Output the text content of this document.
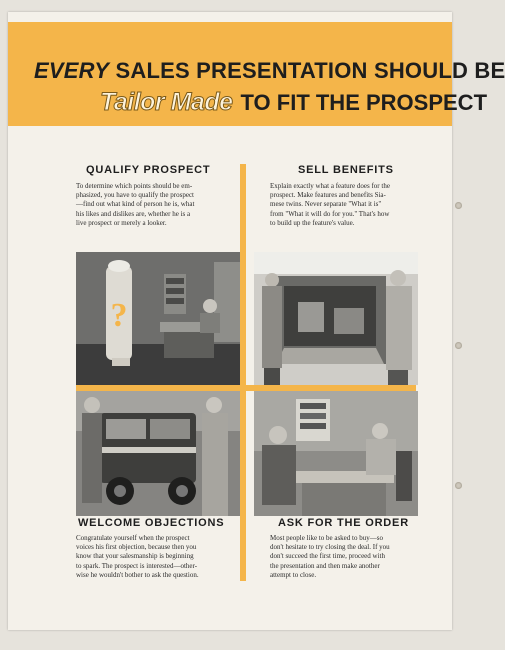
EVERY SALES PRESENTATION SHOULD BE
Tailor Made TO FIT THE PROSPECT
QUALIFY PROSPECT
To determine which points should be em-
phasized, you have to qualify the prospect
—find out what kind of person he is, what
his likes and dislikes are, whether he is a
live prospect or merely a looker.
SELL BENEFITS
Explain exactly what a feature does for the
prospect. Make features and benefits Sia-
mese twins. Never separate "What it is"
from "What it will do for you." That's how
to build up the feature's value.
?
WELCOME OBJECTIONS
Congratulate yourself when the prospect
voices his first objection, because then you
know that your salesmanship is beginning
to spark. The prospect is interested—other-
wise he wouldn't bother to ask the question.
ASK FOR THE ORDER
Most people like to be asked to buy—so
don't hesitate to try closing the deal. If you
don't succeed the first time, proceed with
the presentation and then make another
attempt to close.
